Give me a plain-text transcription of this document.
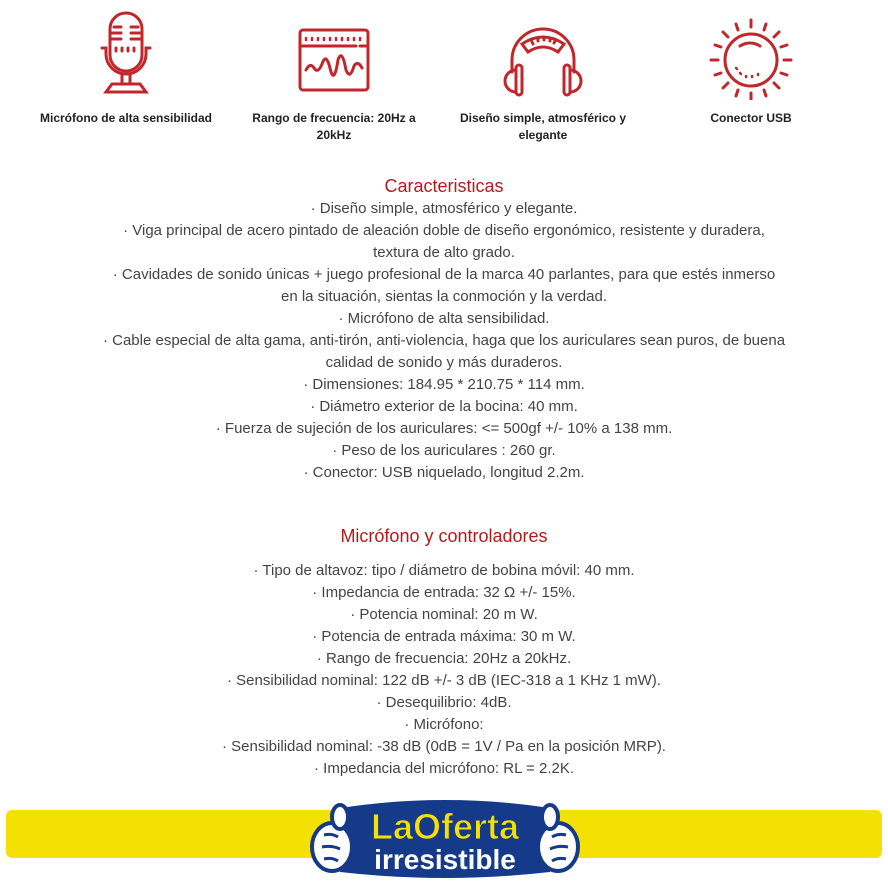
Micrófono de alta sensibilidad	Rango de frecuencia: 20Hz a 20kHz
Diseño simple, atmosférico y elegante
Conector USB
Caracteristicas
· Diseño simple, atmosférico y elegante.
· Viga principal de acero pintado de aleación doble de diseño ergonómico, resistente y duradera,
textura de alto grado.
· Cavidades de sonido únicas + juego profesional de la marca 40 parlantes, para que estés inmerso
en la situación, sientas la conmoción y la verdad.
· Micrófono de alta sensibilidad.
· Cable especial de alta gama, anti-tirón, anti-violencia, haga que los auriculares sean puros, de buena
calidad de sonido y más duraderos.
· Dimensiones: 184.95 * 210.75 * 114 mm.
· Diámetro exterior de la bocina: 40 mm.
· Fuerza de sujeción de los auriculares: <= 500gf +/- 10% a 138 mm.
· Peso de los auriculares : 260 gr.
· Conector: USB niquelado, longitud 2.2m.
Micrófono y controladores
· Tipo de altavoz: tipo / diámetro de bobina móvil: 40 mm.
· Impedancia de entrada: 32 Ω +/- 15%.
· Potencia nominal: 20 m W.
· Potencia de entrada máxima: 30 m W.
· Rango de frecuencia: 20Hz a 20kHz.
· Sensibilidad nominal: 122 dB +/- 3 dB (IEC-318 a 1 KHz 1 mW).
· Desequilibrio: 4dB.
· Micrófono:
· Sensibilidad nominal: -38 dB (0dB = 1V / Pa en la posición MRP).
· Impedancia del micrófono: RL = 2.2K.
LaOferta
irresistible
